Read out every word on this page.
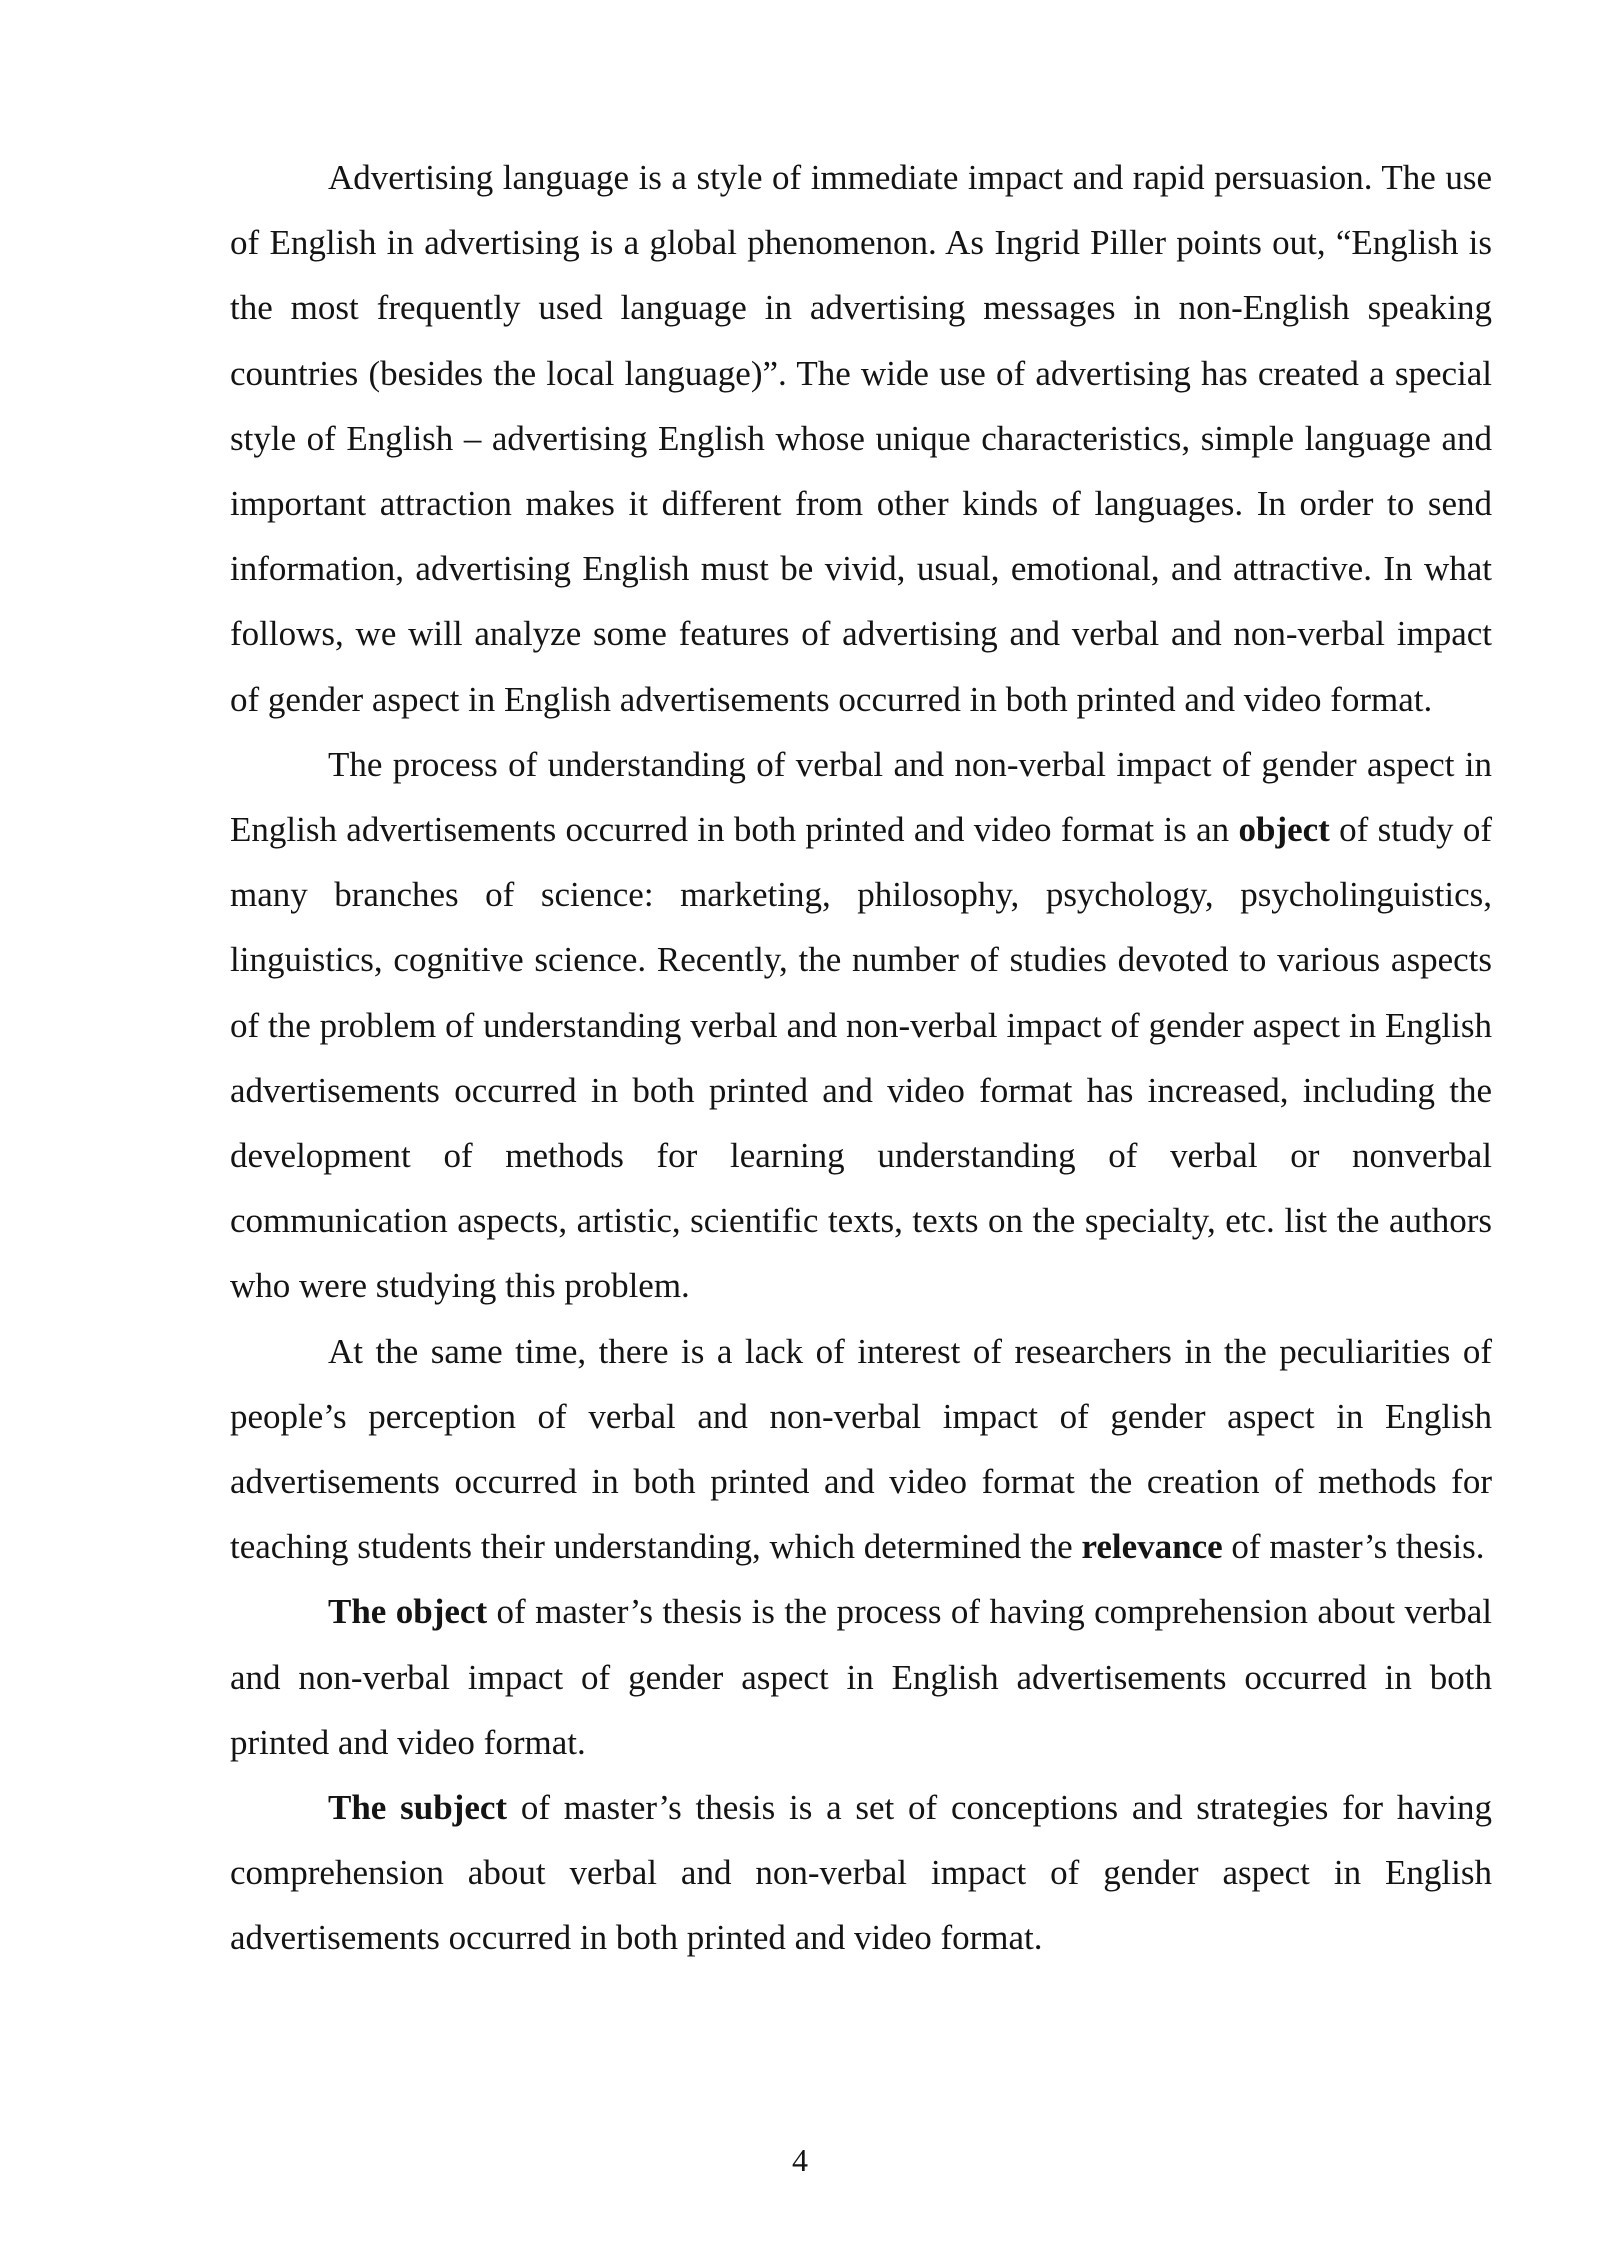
Advertising language is a style of immediate impact and rapid persuasion. The use of English in advertising is a global phenomenon. As Ingrid Piller points out, “English is the most frequently used language in advertising messages in non-English speaking countries (besides the local language)”. The wide use of advertising has created a special style of English – advertising English whose unique characteristics, simple language and important attraction makes it different from other kinds of languages. In order to send information, advertising English must be vivid, usual, emotional, and attractive. In what follows, we will analyze some features of advertising and verbal and non-verbal impact of gender aspect in English advertisements occurred in both printed and video format.

The process of understanding of verbal and non-verbal impact of gender aspect in English advertisements occurred in both printed and video format is an object of study of many branches of science: marketing, philosophy, psychology, psycholinguistics, linguistics, cognitive science. Recently, the number of studies devoted to various aspects of the problem of understanding verbal and non-verbal impact of gender aspect in English advertisements occurred in both printed and video format has increased, including the development of methods for learning understanding of verbal or nonverbal communication aspects, artistic, scientific texts, texts on the specialty, etc. list the authors who were studying this problem.

At the same time, there is a lack of interest of researchers in the peculiarities of people’s perception of verbal and non-verbal impact of gender aspect in English advertisements occurred in both printed and video format the creation of methods for teaching students their understanding, which determined the relevance of master’s thesis.

The object of master’s thesis is the process of having comprehension about verbal and non-verbal impact of gender aspect in English advertisements occurred in both printed and video format.

The subject of master’s thesis is a set of conceptions and strategies for having comprehension about verbal and non-verbal impact of gender aspect in English advertisements occurred in both printed and video format.

4
